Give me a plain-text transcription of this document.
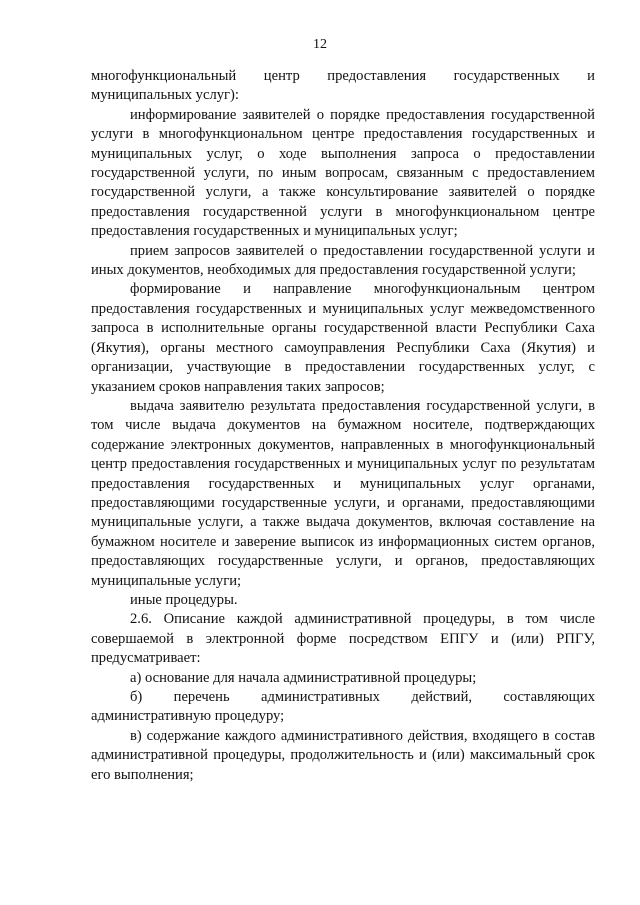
12

многофункциональный центр предоставления государственных и муниципальных услуг):

информирование заявителей о порядке предоставления государственной услуги в многофункциональном центре предоставления государственных и муниципальных услуг, о ходе выполнения запроса о предоставлении государственной услуги, по иным вопросам, связанным с предоставлением государственной услуги, а также консультирование заявителей о порядке предоставления государственной услуги в многофункциональном центре предоставления государственных и муниципальных услуг;

прием запросов заявителей о предоставлении государственной услуги и иных документов, необходимых для предоставления государственной услуги;

формирование и направление многофункциональным центром предоставления государственных и муниципальных услуг межведомственного запроса в исполнительные органы государственной власти Республики Саха (Якутия), органы местного самоуправления Республики Саха (Якутия) и организации, участвующие в предоставлении государственных услуг, с указанием сроков направления таких запросов;

выдача заявителю результата предоставления государственной услуги, в том числе выдача документов на бумажном носителе, подтверждающих содержание электронных документов, направленных в многофункциональный центр предоставления государственных и муниципальных услуг по результатам предоставления государственных и муниципальных услуг органами, предоставляющими государственные услуги, и органами, предоставляющими муниципальные услуги, а также выдача документов, включая составление на бумажном носителе и заверение выписок из информационных систем органов, предоставляющих государственные услуги, и органов, предоставляющих муниципальные услуги;

иные процедуры.

2.6. Описание каждой административной процедуры, в том числе совершаемой в электронной форме посредством ЕПГУ и (или) РПГУ, предусматривает:

а) основание для начала административной процедуры;

б) перечень административных действий, составляющих административную процедуру;

в) содержание каждого административного действия, входящего в состав административной процедуры, продолжительность и (или) максимальный срок его выполнения;
